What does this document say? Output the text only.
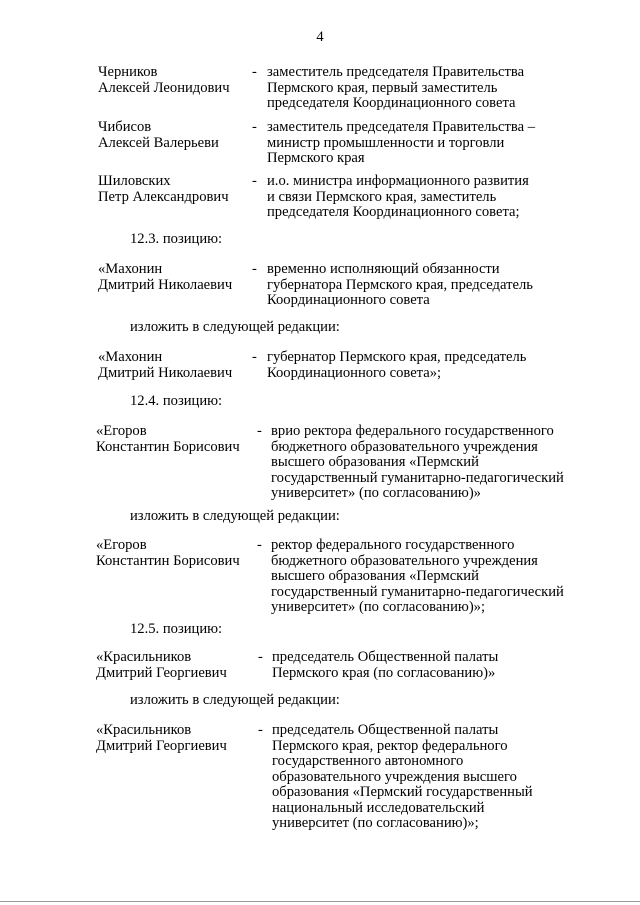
4
Черников
Алексей Леонидович
- заместитель председателя Правительства
Пермского края, первый заместитель
председателя Координационного совета
Чибисов
Алексей Валерьеви
- заместитель председателя Правительства –
министр промышленности и торговли
Пермского края
Шиловских
Петр Александрович
- и.о. министра информационного развития
и связи Пермского края, заместитель
председателя Координационного совета;
12.3. позицию:
«Махонин
Дмитрий Николаевич
- временно исполняющий обязанности
губернатора Пермского края, председатель
Координационного совета
изложить в следующей редакции:
«Махонин
Дмитрий Николаевич
- губернатор Пермского края, председатель
Координационного совета»;
12.4. позицию:
«Егоров
Константин Борисович
- врио ректора федерального государственного
бюджетного образовательного учреждения
высшего образования «Пермский
государственный гуманитарно-педагогический
университет» (по согласованию)»
изложить в следующей редакции:
«Егоров
Константин Борисович
- ректор федерального государственного
бюджетного образовательного учреждения
высшего образования «Пермский
государственный гуманитарно-педагогический
университет» (по согласованию)»;
12.5. позицию:
«Красильников
Дмитрий Георгиевич
- председатель Общественной палаты
Пермского края (по согласованию)»
изложить в следующей редакции:
«Красильников
Дмитрий Георгиевич
- председатель Общественной палаты
Пермского края, ректор федерального
государственного автономного
образовательного учреждения высшего
образования «Пермский государственный
национальный исследовательский
университет (по согласованию)»;
